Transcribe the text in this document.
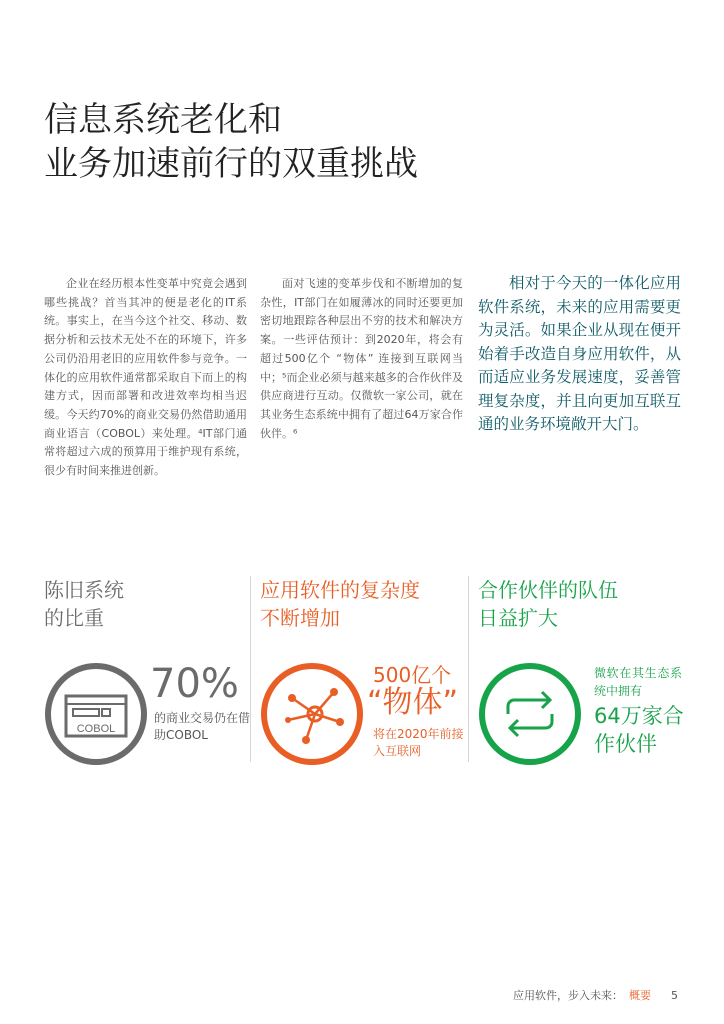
信息系统老化和
业务加速前行的双重挑战

企业在经历根本性变革中究竟会遇到哪些挑战？首当其冲的便是老化的IT系统。事实上，在当今这个社交、移动、数据分析和云技术无处不在的环境下，许多公司仍沿用老旧的应用软件参与竞争。一体化的应用软件通常都采取自下而上的构建方式，因而部署和改进效率均相当迟缓。今天约70%的商业交易仍然借助通用商业语言（COBOL）来处理。⁴IT部门通常将超过六成的预算用于维护现有系统，很少有时间来推进创新。

面对飞速的变革步伐和不断增加的复杂性，IT部门在如履薄冰的同时还要更加密切地跟踪各种层出不穷的技术和解决方案。一些评估预计：到2020年，将会有超过500亿个 “物体” 连接到互联网当中；⁵而企业必须与越来越多的合作伙伴及供应商进行互动。仅微软一家公司，就在其业务生态系统中拥有了超过64万家合作伙伴。⁶

相对于今天的一体化应用软件系统，未来的应用需要更为灵活。如果企业从现在便开始着手改造自身应用软件，从而适应业务发展速度，妥善管理复杂度，并且向更加互联互通的业务环境敞开大门。
陈旧系统
的比重
COBOL
70%
的商业交易仍在借助COBOL
应用软件的复杂度
不断增加
500亿个
“物体”
将在2020年前接入互联网
合作伙伴的队伍
日益扩大
微软在其生态系统中拥有
64万家合作伙伴
应用软件，步入未来： 概要 5
